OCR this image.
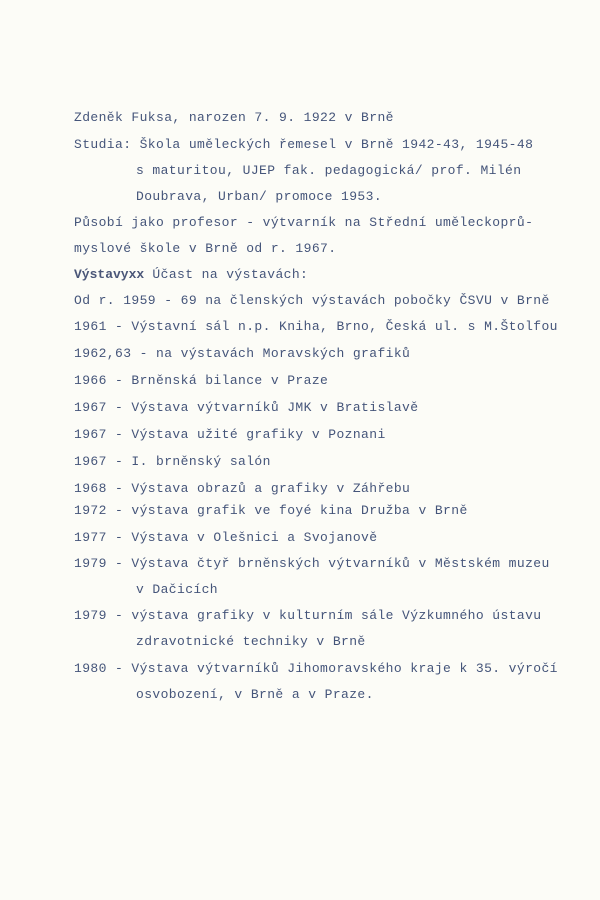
Zdeněk Fuksa, narozen 7. 9. 1922 v Brně
Studia: Škola uměleckých řemesel v Brně 1942-43, 1945-48
s maturitou, UJEP fak. pedagogická/ prof. Milén
Doubrava, Urban/ promoce 1953.
Působí jako profesor - výtvarník na Střední uměleckoprů-
myslové škole v Brně od r. 1967.
Výstavyxx Účast na výstavách:
Od r. 1959 - 69 na členských výstavách pobočky ČSVU v Brně
1961 - Výstavní sál n.p. Kniha, Brno, Česká ul. s M.Štolfou
1962,63 - na výstavách Moravských grafiků
1966 - Brněnská bilance v Praze
1967 - Výstava výtvarníků JMK v Bratislavě
1967 - Výstava užité grafiky v Poznani
1967 - I. brněnský salón
1968 - Výstava obrazů a grafiky v Záhřebu
1972 - výstava grafik ve foyé kina Družba v Brně
1977 - Výstava v Olešnici a Svojanově
1979 - Výstava čtyř brněnských výtvarníků v Městském muzeu
v Dačicích
1979 - výstava grafiky v kulturním sále Výzkumného ústavu
zdravotnické techniky v Brně
1980 - Výstava výtvarníků Jihomoravského kraje k 35. výročí
osvobození, v Brně a v Praze.
